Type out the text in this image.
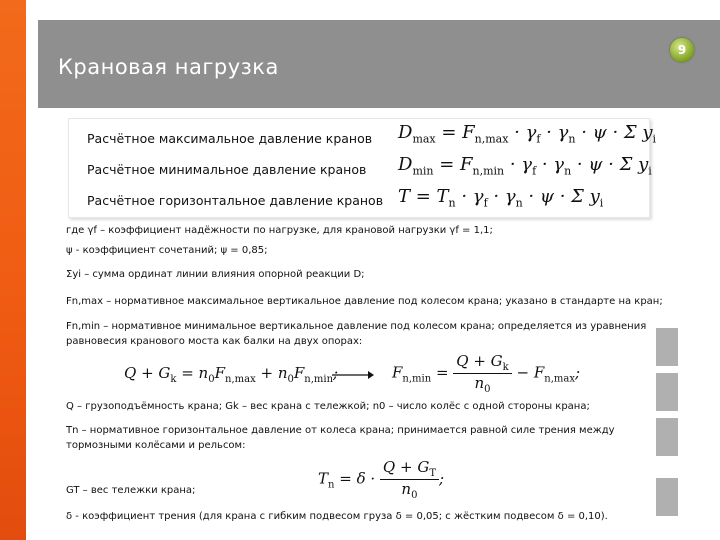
Крановая нагрузка
9
Расчётное максимальное давление кранов
Расчётное минимальное давление кранов
Расчётное горизонтальное давление кранов
$D_{max} = F_{n,max} \cdot \gamma_f \cdot \gamma_n \cdot \psi \cdot \Sigma$ $y_i$
$D_{min} = F_{n,min} \cdot \gamma_f \cdot \gamma_n \cdot \psi \cdot \Sigma$ $y_i$
$T = T_n \cdot \gamma_f \cdot \gamma_n \cdot \psi \cdot \Sigma$ $y_i$
где γf – коэффициент надёжности по нагрузке, для крановой нагрузки γf = 1,1;
ψ - коэффициент сочетаний; ψ = 0,85;
Σyi – сумма ординат линии влияния опорной реакции D;
Fn,max – нормативное максимальное вертикальное давление под колесом крана; указано в стандарте на кран;
Fn,min – нормативное минимальное вертикальное давление под колесом крана; определяется из уравнения
равновесия кранового моста как балки на двух опорах:
$Q + G_k = n_0F_{n,max} + n_0F_{n,min}$;	$F_{n,min} = \frac{Q + G_k}{n_0} - F_{n,max}$;
Q – грузоподъёмность крана; Gk – вес крана с тележкой; n0 – число колёс с одной стороны крана;
Tn – нормативное горизонтальное давление от колеса крана; принимается равной силе трения между
тормозными колёсами и рельсом:
$T_n = \delta \cdot \frac{Q + G_T}{n_0}$ ;
GT – вес тележки крана;
δ - коэффициент трения (для крана с гибким подвесом груза δ = 0,05; с жёстким подвесом δ = 0,10).
